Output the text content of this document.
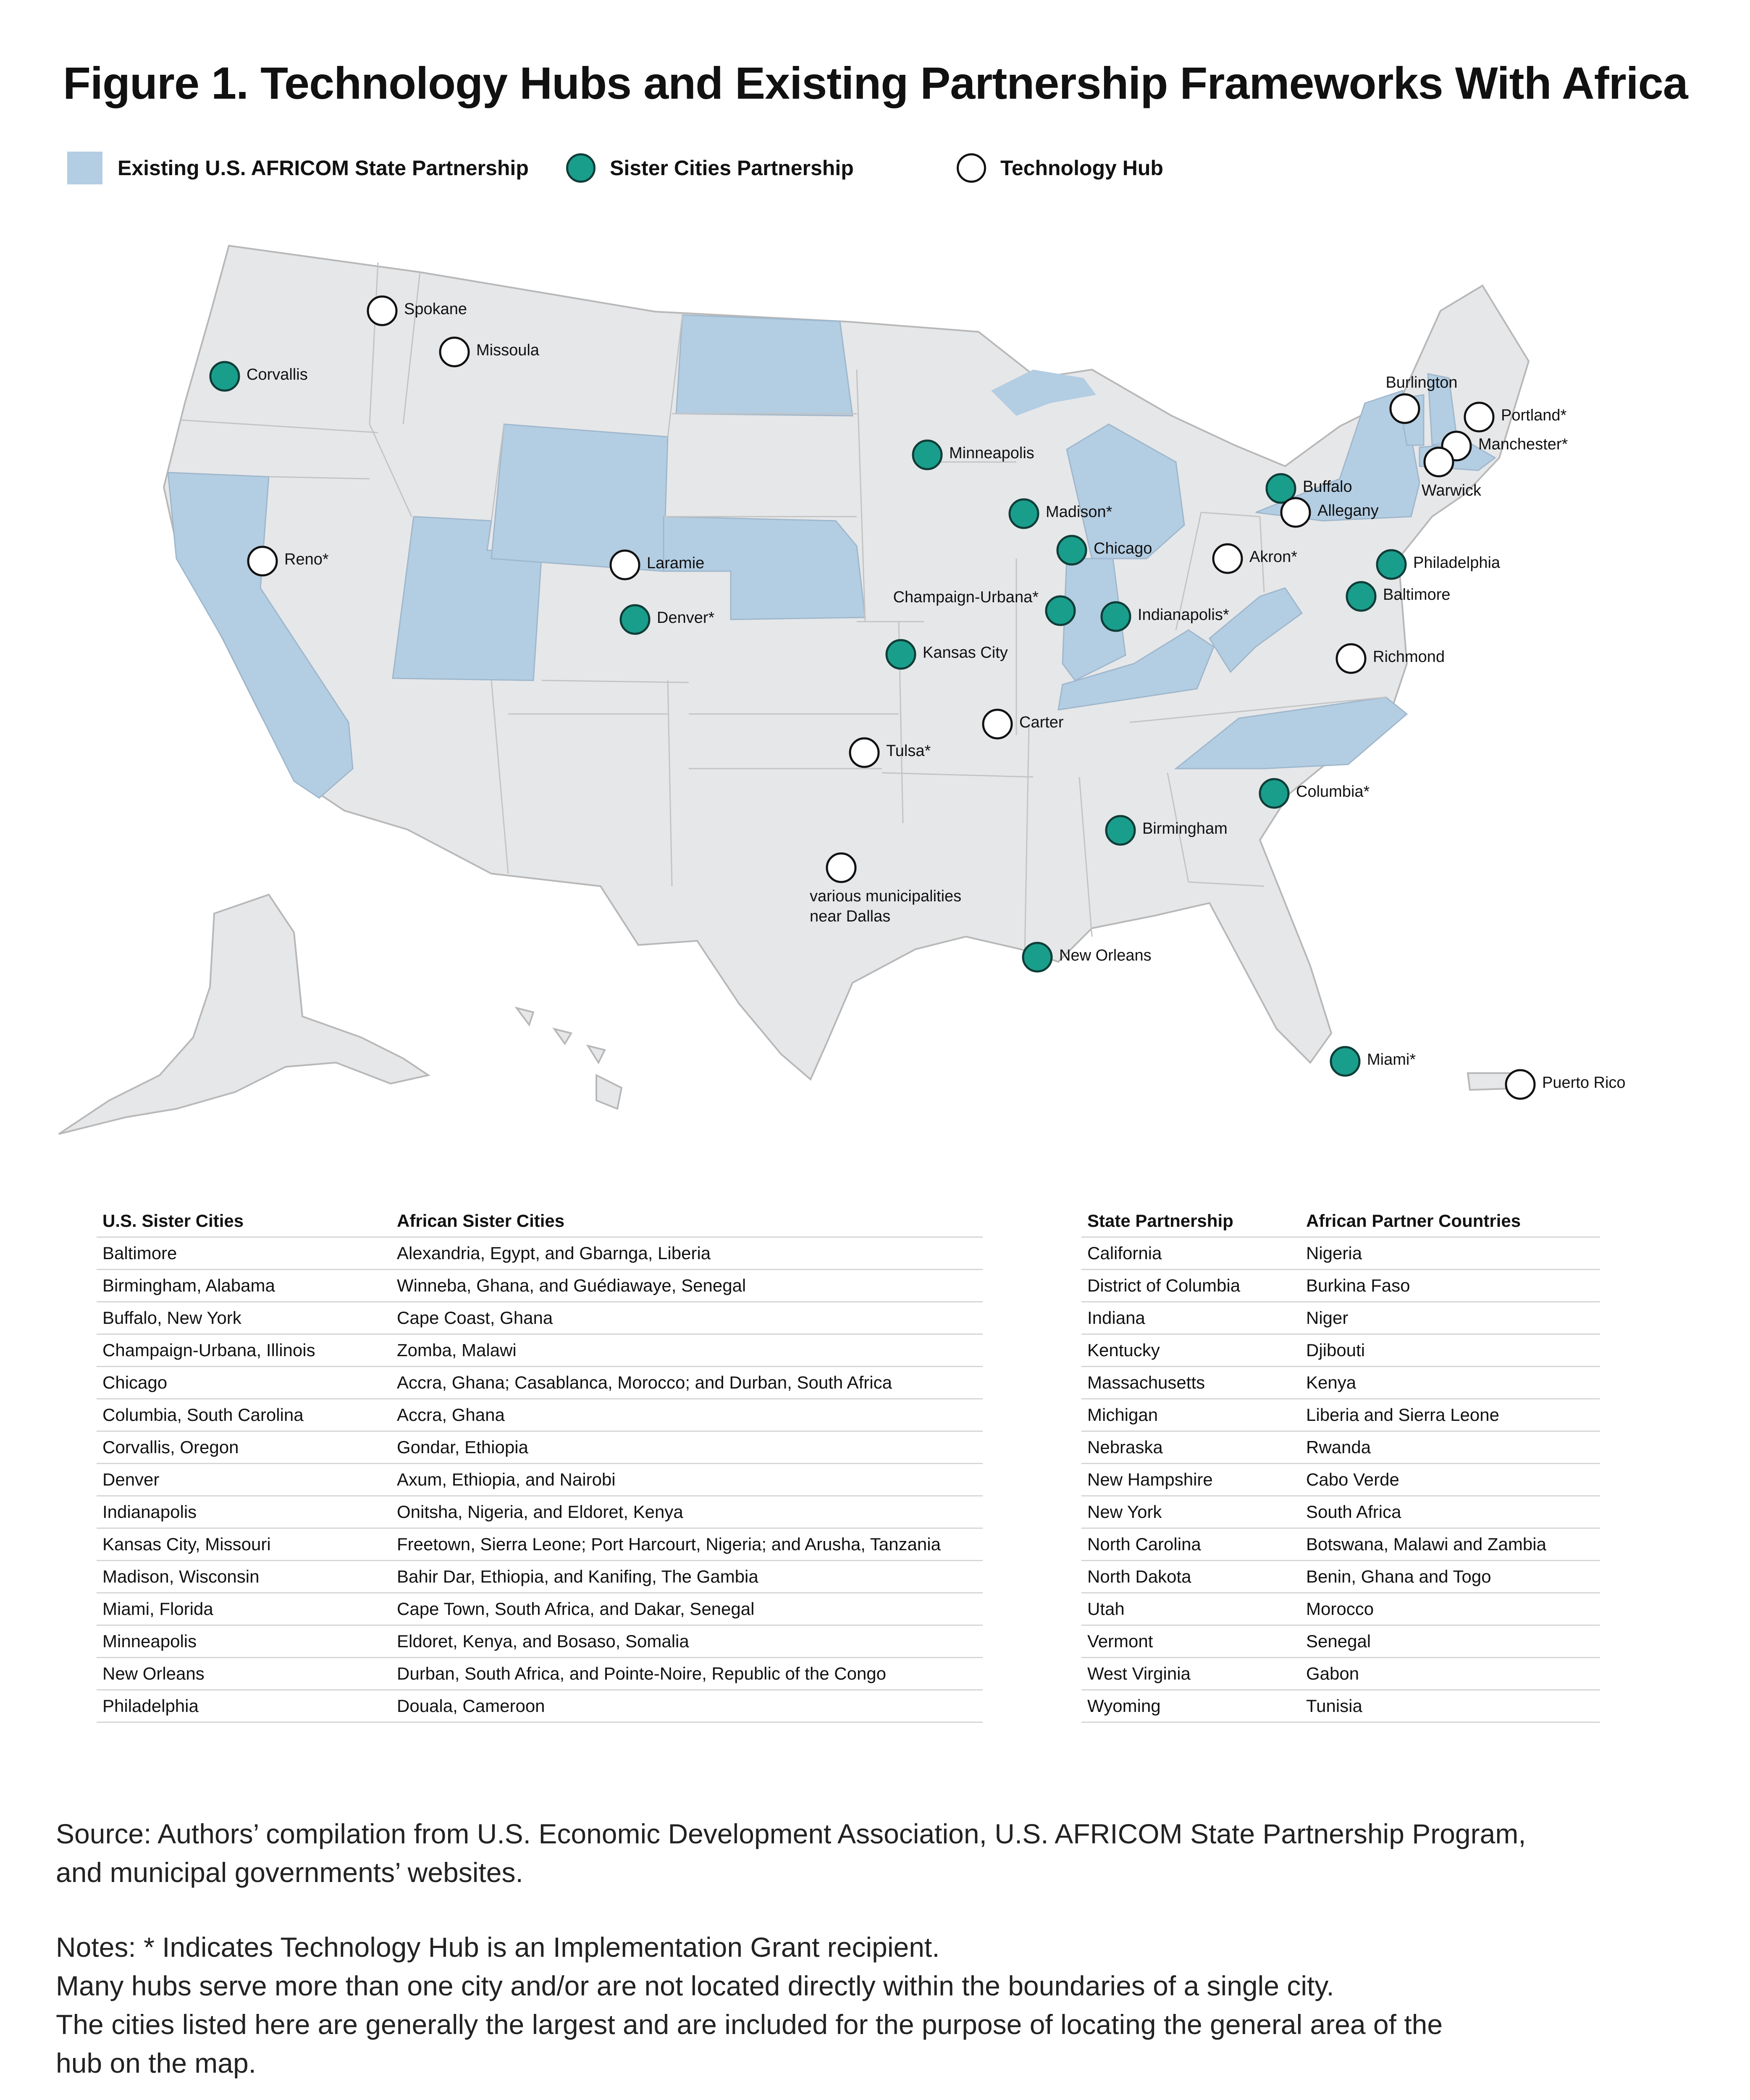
Figure 1. Technology Hubs and Existing Partnership Frameworks With Africa
Existing U.S. AFRICOM State Partnership	Sister Cities Partnership	Technology Hub
Spokane
Missoula
Corvallis
Reno*	Laramie
Denver*
Minneapolis
Madison*
Chicago
Champaign-Urbana*
Indianapolis*
Kansas City
Carter
Tulsa*
various municipalities near Dallas
Birmingham
New Orleans
Columbia*
Miami*
Akron*
Buffalo
Allegany
Philadelphia
Baltimore
Richmond
Burlington
Portland*
Manchester*
Warwick
Puerto Rico
U.S. Sister Cities	African Sister Cities
Baltimore	Alexandria, Egypt, and Gbarnga, Liberia
Birmingham, Alabama	Winneba, Ghana, and Guédiawaye, Senegal
Buffalo, New York	Cape Coast, Ghana
Champaign-Urbana, Illinois	Zomba, Malawi
Chicago	Accra, Ghana; Casablanca, Morocco; and Durban, South Africa
Columbia, South Carolina	Accra, Ghana
Corvallis, Oregon	Gondar, Ethiopia
Denver	Axum, Ethiopia, and Nairobi
Indianapolis	Onitsha, Nigeria, and Eldoret, Kenya
Kansas City, Missouri	Freetown, Sierra Leone; Port Harcourt, Nigeria; and Arusha, Tanzania
Madison, Wisconsin	Bahir Dar, Ethiopia, and Kanifing, The Gambia
Miami, Florida	Cape Town, South Africa, and Dakar, Senegal
Minneapolis	Eldoret, Kenya, and Bosaso, Somalia
New Orleans	Durban, South Africa, and Pointe-Noire, Republic of the Congo
Philadelphia	Douala, Cameroon
State Partnership	African Partner Countries
California	Nigeria
District of Columbia	Burkina Faso
Indiana	Niger
Kentucky	Djibouti
Massachusetts	Kenya
Michigan	Liberia and Sierra Leone
Nebraska	Rwanda
New Hampshire	Cabo Verde
New York	South Africa
North Carolina	Botswana, Malawi and Zambia
North Dakota	Benin, Ghana and Togo
Utah	Morocco
Vermont	Senegal
West Virginia	Gabon
Wyoming	Tunisia
Source: Authors’ compilation from U.S. Economic Development Association, U.S. AFRICOM State Partnership Program,
and municipal governments’ websites.
Notes: * Indicates Technology Hub is an Implementation Grant recipient.
Many hubs serve more than one city and/or are not located directly within the boundaries of a single city.
The cities listed here are generally the largest and are included for the purpose of locating the general area of the
hub on the map.
